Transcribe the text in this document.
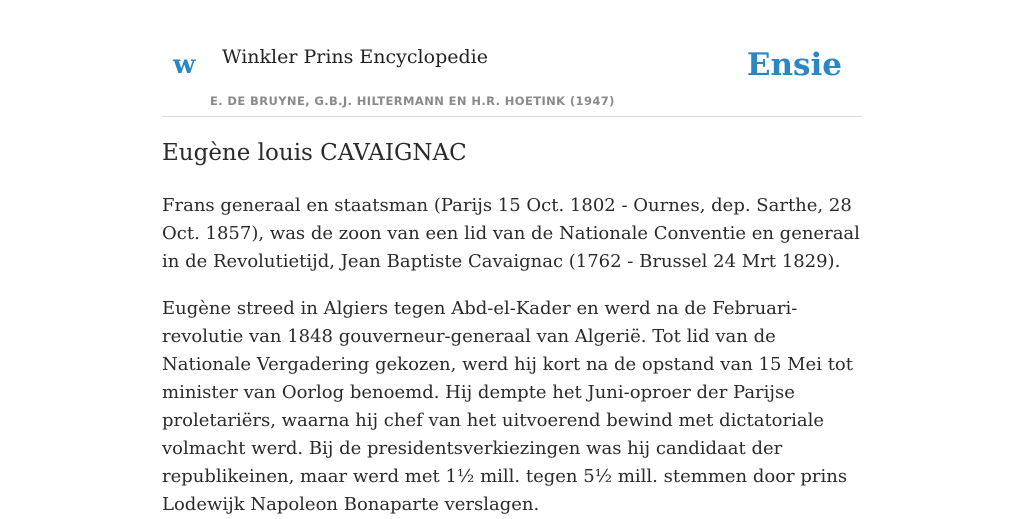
w Winkler Prins Encyclopedie	Ensie
E. DE BRUYNE, G.B.J. HILTERMANN EN H.R. HOETINK (1947)
Eugène louis CAVAIGNAC

Frans generaal en staatsman (Parijs 15 Oct. 1802 - Ournes, dep. Sarthe, 28 Oct. 1857), was de zoon van een lid van de Nationale Conventie en generaal in de Revolutietijd, Jean Baptiste Cavaignac (1762 - Brussel 24 Mrt 1829).

Eugène streed in Algiers tegen Abd-el-Kader en werd na de Februari-revolutie van 1848 gouverneur-generaal van Algerië. Tot lid van de Nationale Vergadering gekozen, werd hij kort na de opstand van 15 Mei tot minister van Oorlog benoemd. Hij dempte het Juni-oproer der Parijse proletariërs, waarna hij chef van het uitvoerend bewind met dictatoriale volmacht werd. Bij de presidentsverkiezingen was hij candidaat der republikeinen, maar werd met 1½ mill. tegen 5½ mill. stemmen door prins Lodewijk Napoleon Bonaparte verslagen.
